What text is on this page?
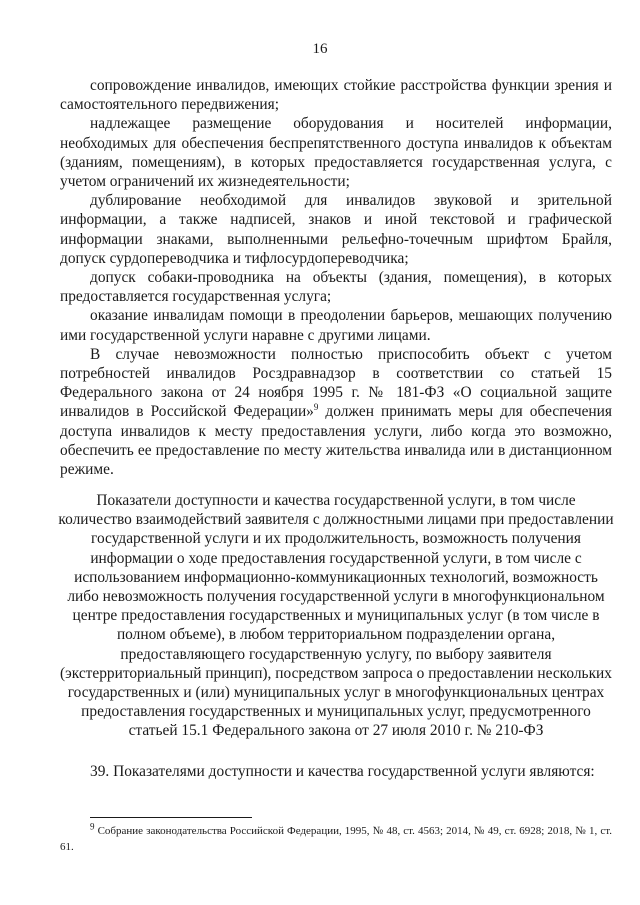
16

сопровождение инвалидов, имеющих стойкие расстройства функции зрения и самостоятельного передвижения;

надлежащее размещение оборудования и носителей информации, необходимых для обеспечения беспрепятственного доступа инвалидов к объектам (зданиям, помещениям), в которых предоставляется государственная услуга, с учетом ограничений их жизнедеятельности;

дублирование необходимой для инвалидов звуковой и зрительной информации, а также надписей, знаков и иной текстовой и графической информации знаками, выполненными рельефно-точечным шрифтом Брайля, допуск сурдопереводчика и тифлосурдопереводчика;

допуск собаки-проводника на объекты (здания, помещения), в которых предоставляется государственная услуга;

оказание инвалидам помощи в преодолении барьеров, мешающих получению ими государственной услуги наравне с другими лицами.

В случае невозможности полностью приспособить объект с учетом потребностей инвалидов Росздравнадзор в соответствии со статьей 15 Федерального закона от 24 ноября 1995 г. № 181-ФЗ «О социальной защите инвалидов в Российской Федерации»$^9$ должен принимать меры для обеспечения доступа инвалидов к месту предоставления услуги, либо когда это возможно, обеспечить ее предоставление по месту жительства инвалида или в дистанционном режиме.

Показатели доступности и качества государственной услуги, в том числе количество взаимодействий заявителя с должностными лицами при предоставлении государственной услуги и их продолжительность, возможность получения информации о ходе предоставления государственной услуги, в том числе с использованием информационно-коммуникационных технологий, возможность либо невозможность получения государственной услуги в многофункциональном центре предоставления государственных и муниципальных услуг (в том числе в полном объеме), в любом территориальном подразделении органа, предоставляющего государственную услугу, по выбору заявителя (экстерриториальный принцип), посредством запроса о предоставлении нескольких государственных и (или) муниципальных услуг в многофункциональных центрах предоставления государственных и муниципальных услуг, предусмотренного статьей 15.1 Федерального закона от 27 июля 2010 г. № 210-ФЗ
39. Показателями доступности и качества государственной услуги являются:
$^9$ Собрание законодательства Российской Федерации, 1995, № 48, ст. 4563; 2014, № 49, ст. 6928; 2018, № 1, ст. 61.
